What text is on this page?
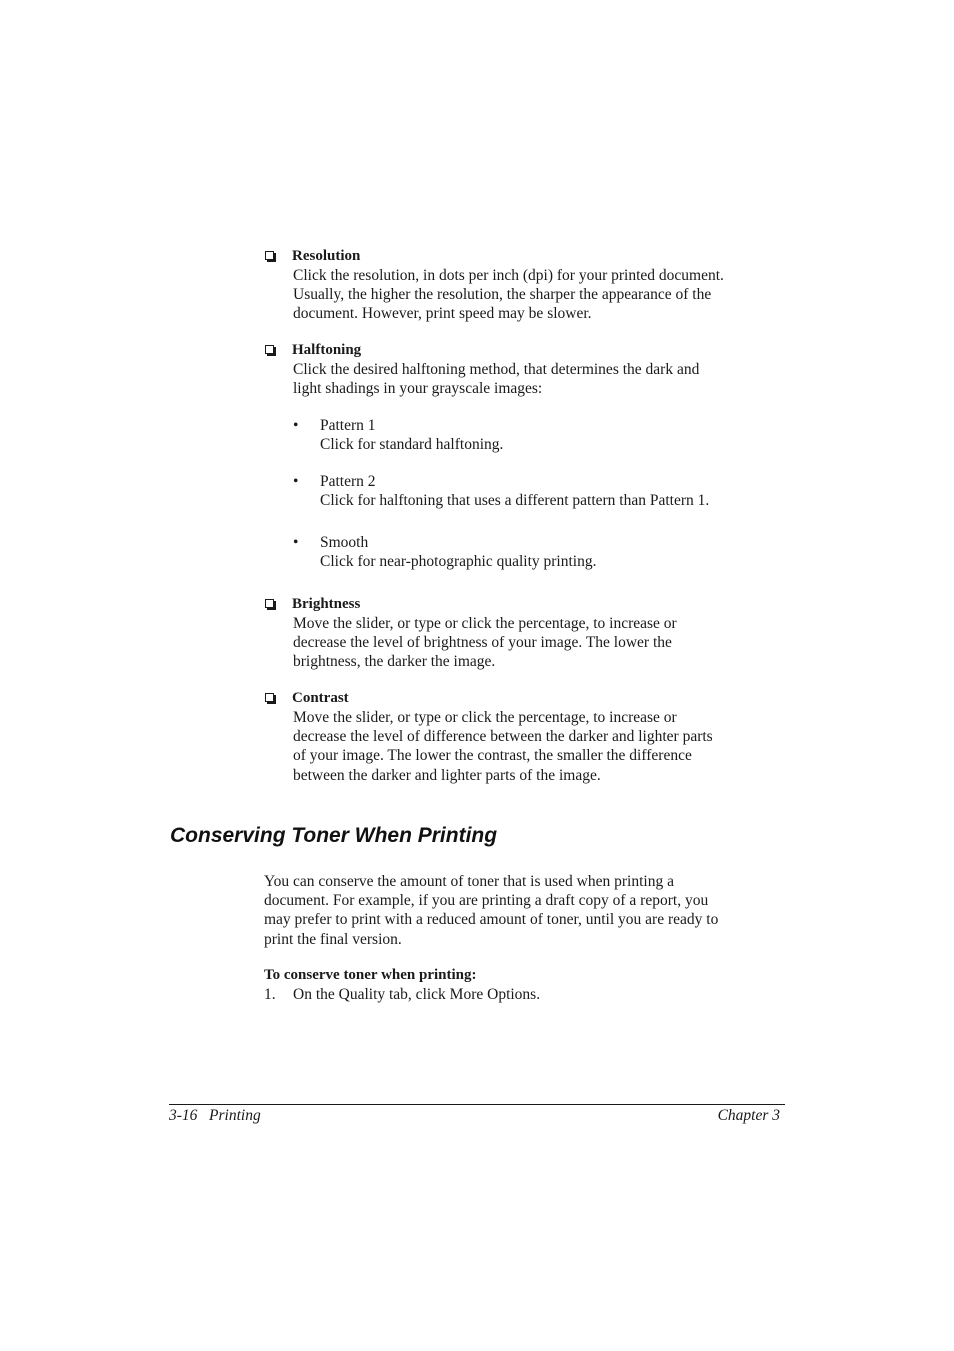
Resolution
Click the resolution, in dots per inch (dpi) for your printed document.
Usually, the higher the resolution, the sharper the appearance of the
document. However, print speed may be slower.
Halftoning
Click the desired halftoning method, that determines the dark and
light shadings in your grayscale images:
• Pattern 1
Click for standard halftoning.
• Pattern 2
Click for halftoning that uses a different pattern than Pattern 1.
• Smooth
Click for near-photographic quality printing.
Brightness
Move the slider, or type or click the percentage, to increase or
decrease the level of brightness of your image. The lower the
brightness, the darker the image.
Contrast
Move the slider, or type or click the percentage, to increase or
decrease the level of difference between the darker and lighter parts
of your image. The lower the contrast, the smaller the difference
between the darker and lighter parts of the image.
Conserving Toner When Printing
You can conserve the amount of toner that is used when printing a
document. For example, if you are printing a draft copy of a report, you
may prefer to print with a reduced amount of toner, until you are ready to
print the final version.
To conserve toner when printing:
1. On the Quality tab, click More Options.
3-16   Printing	Chapter 3
